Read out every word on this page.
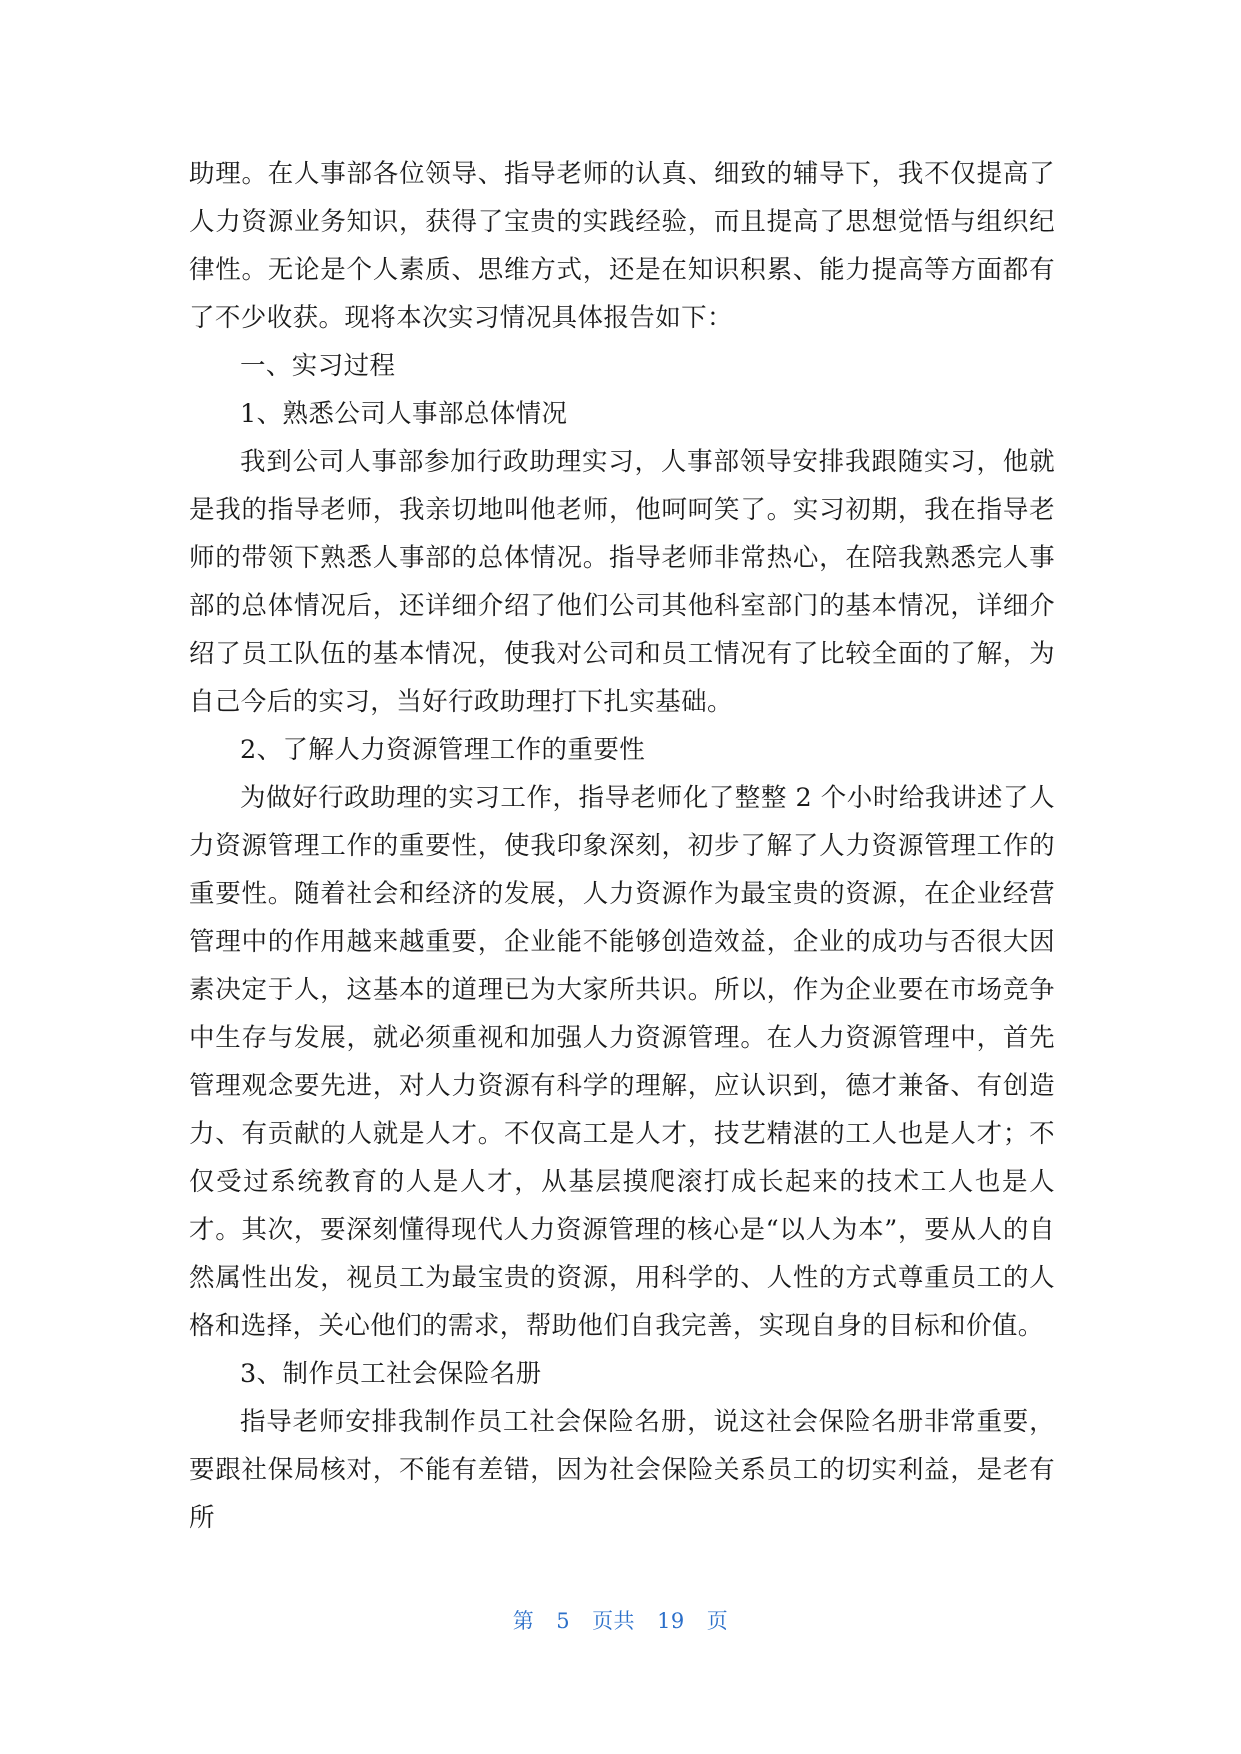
助理。在人事部各位领导、指导老师的认真、细致的辅导下，我不仅提高了人力资源业务知识，获得了宝贵的实践经验，而且提高了思想觉悟与组织纪律性。无论是个人素质、思维方式，还是在知识积累、能力提高等方面都有了不少收获。现将本次实习情况具体报告如下：

一、实习过程

1、熟悉公司人事部总体情况

我到公司人事部参加行政助理实习，人事部领导安排我跟随实习，他就是我的指导老师，我亲切地叫他老师，他呵呵笑了。实习初期，我在指导老师的带领下熟悉人事部的总体情况。指导老师非常热心，在陪我熟悉完人事部的总体情况后，还详细介绍了他们公司其他科室部门的基本情况，详细介绍了员工队伍的基本情况，使我对公司和员工情况有了比较全面的了解，为自己今后的实习，当好行政助理打下扎实基础。

2、了解人力资源管理工作的重要性

为做好行政助理的实习工作，指导老师化了整整 2 个小时给我讲述了人力资源管理工作的重要性，使我印象深刻，初步了解了人力资源管理工作的重要性。随着社会和经济的发展，人力资源作为最宝贵的资源，在企业经营管理中的作用越来越重要，企业能不能够创造效益，企业的成功与否很大因素决定于人，这基本的道理已为大家所共识。所以，作为企业要在市场竞争中生存与发展，就必须重视和加强人力资源管理。在人力资源管理中，首先管理观念要先进，对人力资源有科学的理解，应认识到，德才兼备、有创造力、有贡献的人就是人才。不仅高工是人才，技艺精湛的工人也是人才；不仅受过系统教育的人是人才，从基层摸爬滚打成长起来的技术工人也是人才。其次，要深刻懂得现代人力资源管理的核心是“以人为本”，要从人的自然属性出发，视员工为最宝贵的资源，用科学的、人性的方式尊重员工的人格和选择，关心他们的需求，帮助他们自我完善，实现自身的目标和价值。

3、制作员工社会保险名册

指导老师安排我制作员工社会保险名册，说这社会保险名册非常重要，要跟社保局核对，不能有差错，因为社会保险关系员工的切实利益，是老有所

第 5 页共 19 页
